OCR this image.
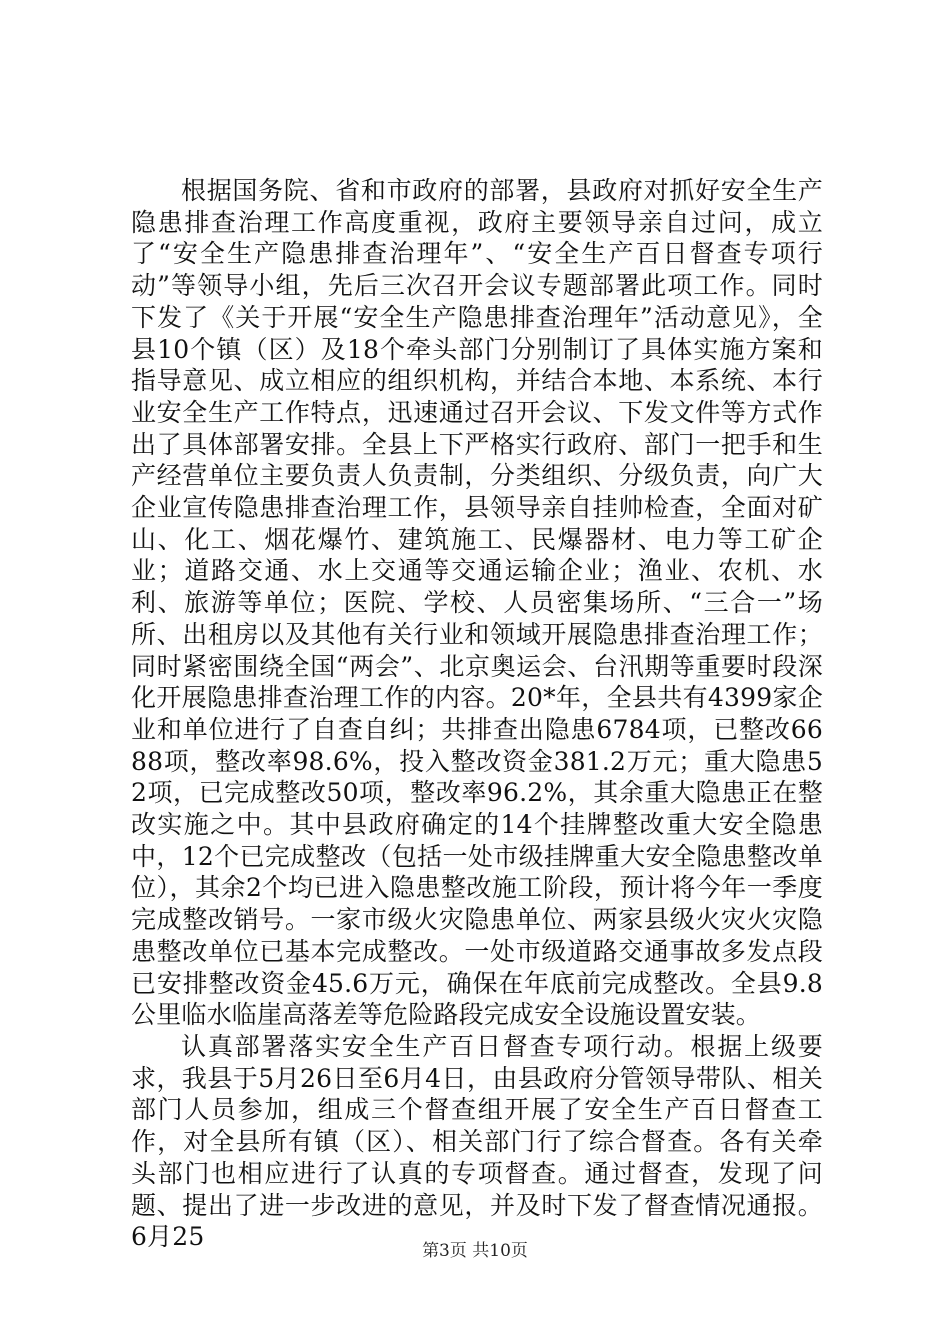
根据国务院、省和市政府的部署，县政府对抓好安全生产隐患排查治理工作高度重视，政府主要领导亲自过问，成立了“安全生产隐患排查治理年”、“安全生产百日督查专项行动”等领导小组，先后三次召开会议专题部署此项工作。同时下发了《关于开展“安全生产隐患排查治理年”活动意见》，全县10个镇（区）及18个牵头部门分别制订了具体实施方案和指导意见、成立相应的组织机构，并结合本地、本系统、本行业安全生产工作特点，迅速通过召开会议、下发文件等方式作出了具体部署安排。全县上下严格实行政府、部门一把手和生产经营单位主要负责人负责制，分类组织、分级负责，向广大企业宣传隐患排查治理工作，县领导亲自挂帅检查，全面对矿山、化工、烟花爆竹、建筑施工、民爆器材、电力等工矿企业；道路交通、水上交通等交通运输企业；渔业、农机、水利、旅游等单位；医院、学校、人员密集场所、“三合一”场所、出租房以及其他有关行业和领域开展隐患排查治理工作；同时紧密围绕全国“两会”、北京奥运会、台汛期等重要时段深化开展隐患排查治理工作的内容。20*年，全县共有4399家企业和单位进行了自查自纠；共排查出隐患6784项，已整改6688项，整改率98.6%，投入整改资金381.2万元；重大隐患52项，已完成整改50项，整改率96.2%，其余重大隐患正在整改实施之中。其中县政府确定的14个挂牌整改重大安全隐患中，12个已完成整改（包括一处市级挂牌重大安全隐患整改单位），其余2个均已进入隐患整改施工阶段，预计将今年一季度完成整改销号。一家市级火灾隐患单位、两家县级火灾火灾隐患整改单位已基本完成整改。一处市级道路交通事故多发点段已安排整改资金45.6万元，确保在年底前完成整改。全县9.8公里临水临崖高落差等危险路段完成安全设施设置安装。

认真部署落实安全生产百日督查专项行动。根据上级要求，我县于5月26日至6月4日，由县政府分管领导带队、相关部门人员参加，组成三个督查组开展了安全生产百日督查工作，对全县所有镇（区）、相关部门行了综合督查。各有关牵头部门也相应进行了认真的专项督查。通过督查，发现了问题、提出了进一步改进的意见，并及时下发了督查情况通报。6月25	第3页 共10页
